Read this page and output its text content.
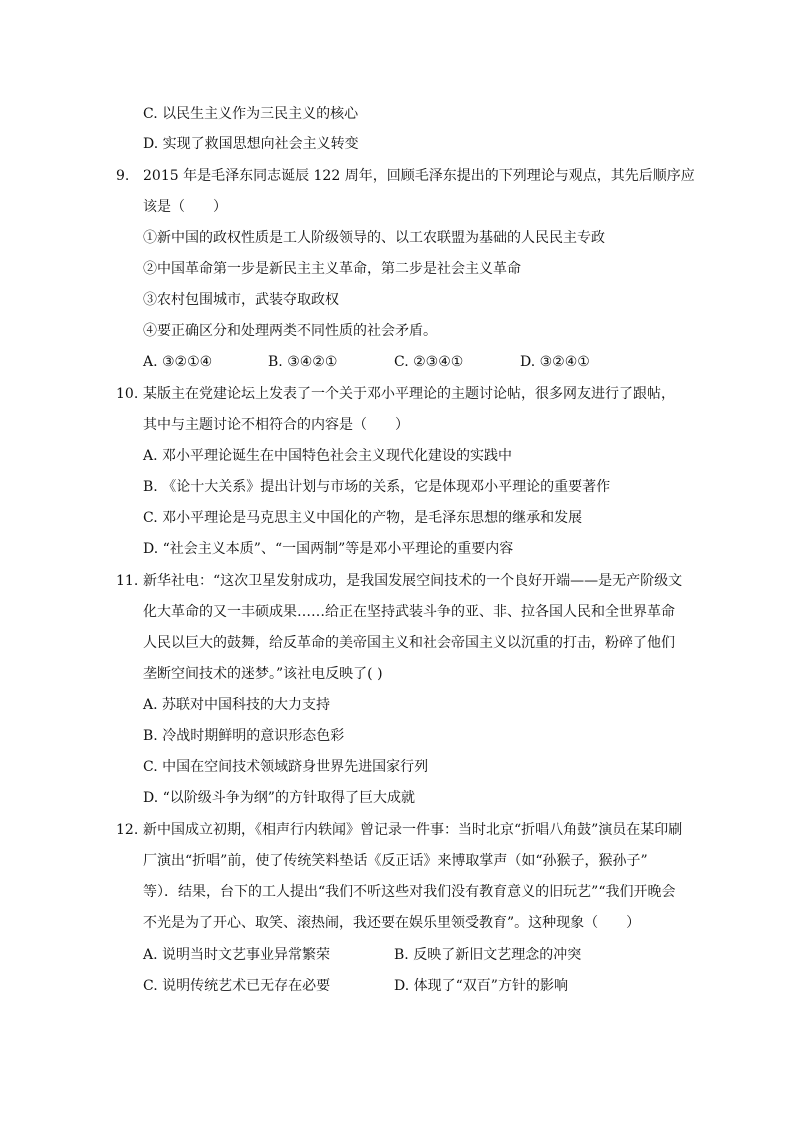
C. 以民生主义作为三民主义的核心
D. 实现了救国思想向社会主义转变
9. 2015 年是毛泽东同志诞辰 122 周年，回顾毛泽东提出的下列理论与观点，其先后顺序应
该是（　　）
①新中国的政权性质是工人阶级领导的、以工农联盟为基础的人民民主专政
②中国革命第一步是新民主主义革命，第二步是社会主义革命
③农村包围城市，武装夺取政权
④要正确区分和处理两类不同性质的社会矛盾。
A. ③②①④	B. ③④②①	C. ②③④①	D. ③②④①
10. 某版主在党建论坛上发表了一个关于邓小平理论的主题讨论帖，很多网友进行了跟帖，
其中与主题讨论不相符合的内容是（　　）
A. 邓小平理论诞生在中国特色社会主义现代化建设的实践中
B. 《论十大关系》提出计划与市场的关系，它是体现邓小平理论的重要著作
C. 邓小平理论是马克思主义中国化的产物，是毛泽东思想的继承和发展
D. “社会主义本质”、“一国两制”等是邓小平理论的重要内容
11. 新华社电：“这次卫星发射成功，是我国发展空间技术的一个良好开端——是无产阶级文
化大革命的又一丰硕成果……给正在坚持武装斗争的亚、非、拉各国人民和全世界革命
人民以巨大的鼓舞，给反革命的美帝国主义和社会帝国主义以沉重的打击，粉碎了他们
垄断空间技术的迷梦。”该社电反映了( )
A. 苏联对中国科技的大力支持
B. 冷战时期鲜明的意识形态色彩
C. 中国在空间技术领域跻身世界先进国家行列
D. “以阶级斗争为纲”的方针取得了巨大成就
12. 新中国成立初期，《相声行内轶闻》曾记录一件事：当时北京“折唱八角鼓”演员在某印刷
厂演出“折唱”前，使了传统笑料垫话《反正话》来博取掌声（如“孙猴子，猴孙子”
等）．结果，台下的工人提出“我们不听这些对我们没有教育意义的旧玩艺”“我们开晚会
不光是为了开心、取笑、滚热闹，我还要在娱乐里领受教育”。这种现象（　　）
A. 说明当时文艺事业异常繁荣	B. 反映了新旧文艺理念的冲突
C. 说明传统艺术已无存在必要	D. 体现了“双百”方针的影响
